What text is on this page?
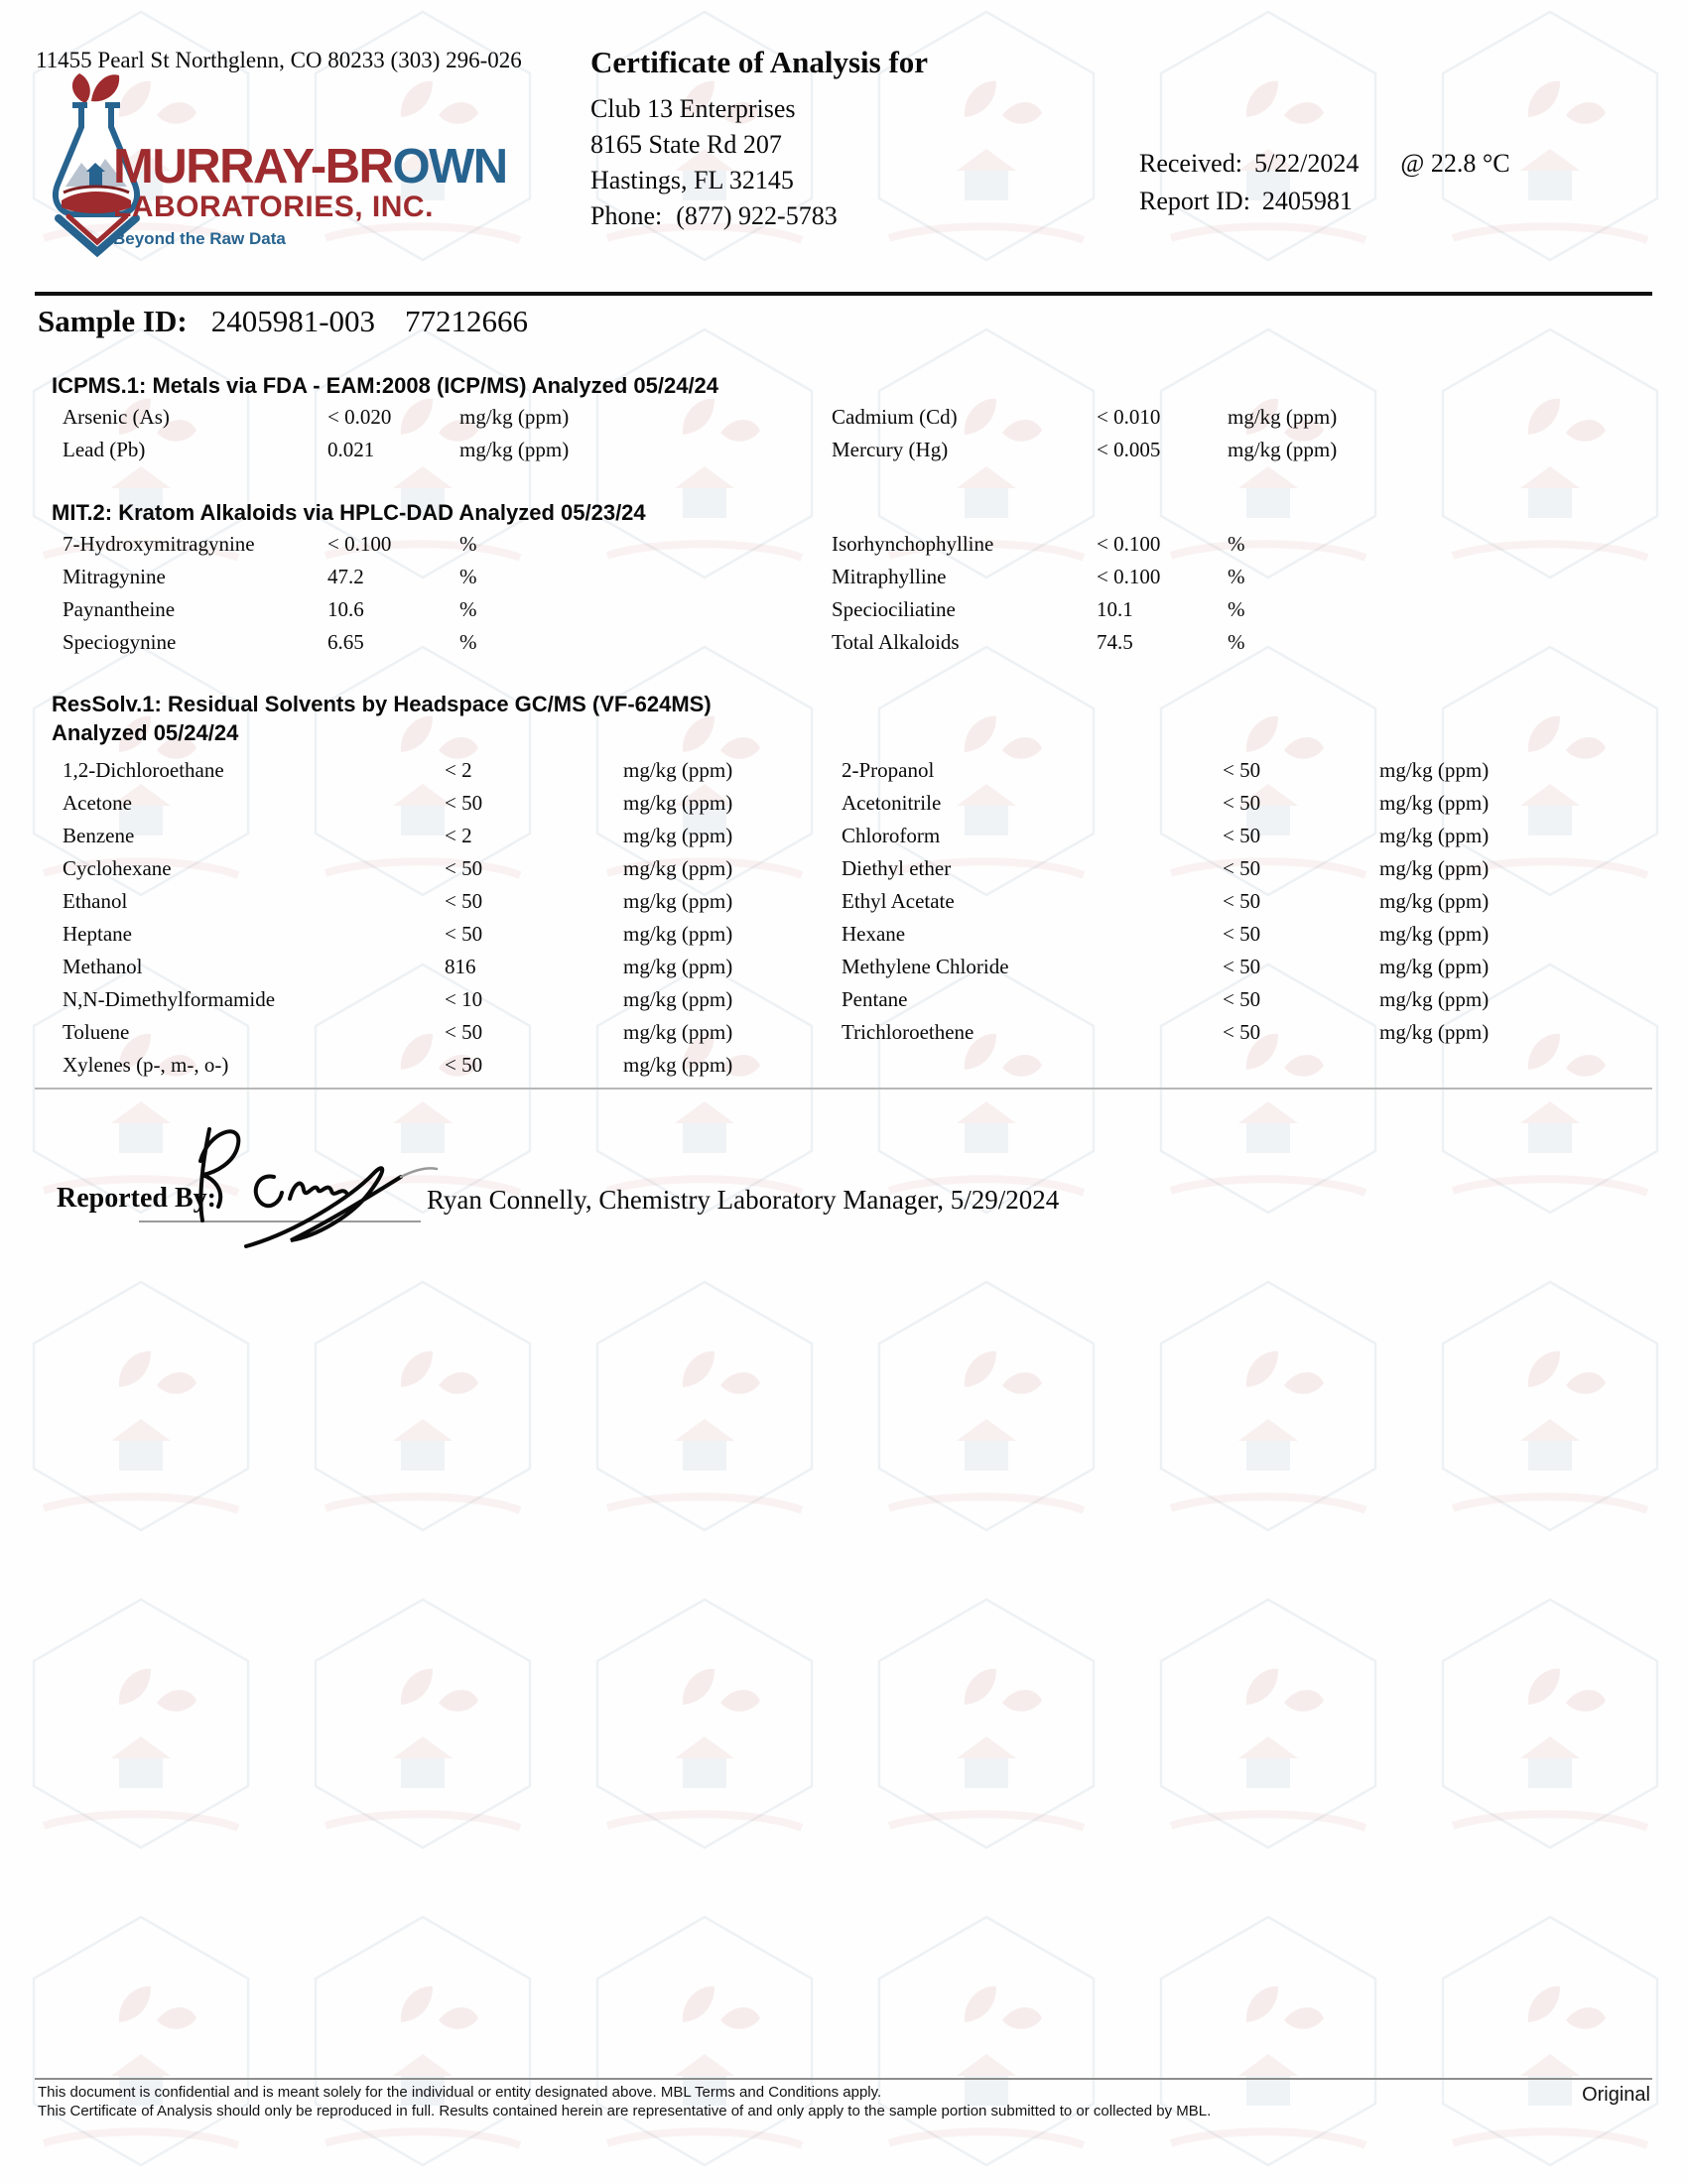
11455 Pearl St Northglenn, CO 80233 (303) 296-026
MURRAY-BROWN
LABORATORIES, INC.
Beyond the Raw Data
Certificate of Analysis for
Club 13 Enterprises
8165 State Rd 207
Hastings, FL 32145
Phone: (877) 922-5783
Received: 5/22/2024 @ 22.8 °C
Report ID: 2405981
Sample ID: 2405981-003 77212666
ICPMS.1: Metals via FDA - EAM:2008 (ICP/MS) Analyzed 05/24/24
Arsenic (As)	< 0.020	mg/kg (ppm)	Cadmium (Cd)	< 0.010	mg/kg (ppm)
Lead (Pb)	0.021	mg/kg (ppm)	Mercury (Hg)	< 0.005	mg/kg (ppm)
MIT.2: Kratom Alkaloids via HPLC-DAD Analyzed 05/23/24
7-Hydroxymitragynine	< 0.100	%	Isorhynchophylline	< 0.100	%
Mitragynine	47.2	%	Mitraphylline	< 0.100	%
Paynantheine	10.6	%	Speciociliatine	10.1	%
Speciogynine	6.65	%	Total Alkaloids	74.5	%
ResSolv.1: Residual Solvents by Headspace GC/MS (VF-624MS)
Analyzed 05/24/24
1,2-Dichloroethane	< 2	mg/kg (ppm)	2-Propanol	< 50	mg/kg (ppm)
Acetone	< 50	mg/kg (ppm)	Acetonitrile	< 50	mg/kg (ppm)
Benzene	< 2	mg/kg (ppm)	Chloroform	< 50	mg/kg (ppm)
Cyclohexane	< 50	mg/kg (ppm)	Diethyl ether	< 50	mg/kg (ppm)
Ethanol	< 50	mg/kg (ppm)	Ethyl Acetate	< 50	mg/kg (ppm)
Heptane	< 50	mg/kg (ppm)	Hexane	< 50	mg/kg (ppm)
Methanol	816	mg/kg (ppm)	Methylene Chloride	< 50	mg/kg (ppm)
N,N-Dimethylformamide	< 10	mg/kg (ppm)	Pentane	< 50	mg/kg (ppm)
Toluene	< 50	mg/kg (ppm)	Trichloroethene	< 50	mg/kg (ppm)
Xylenes (p-, m-, o-)	< 50	mg/kg (ppm)
Reported By:	Ryan Connelly, Chemistry Laboratory Manager, 5/29/2024
This document is confidential and is meant solely for the individual or entity designated above. MBL Terms and Conditions apply.
This Certificate of Analysis should only be reproduced in full. Results contained herein are representative of and only apply to the sample portion submitted to or collected by MBL.
Original
